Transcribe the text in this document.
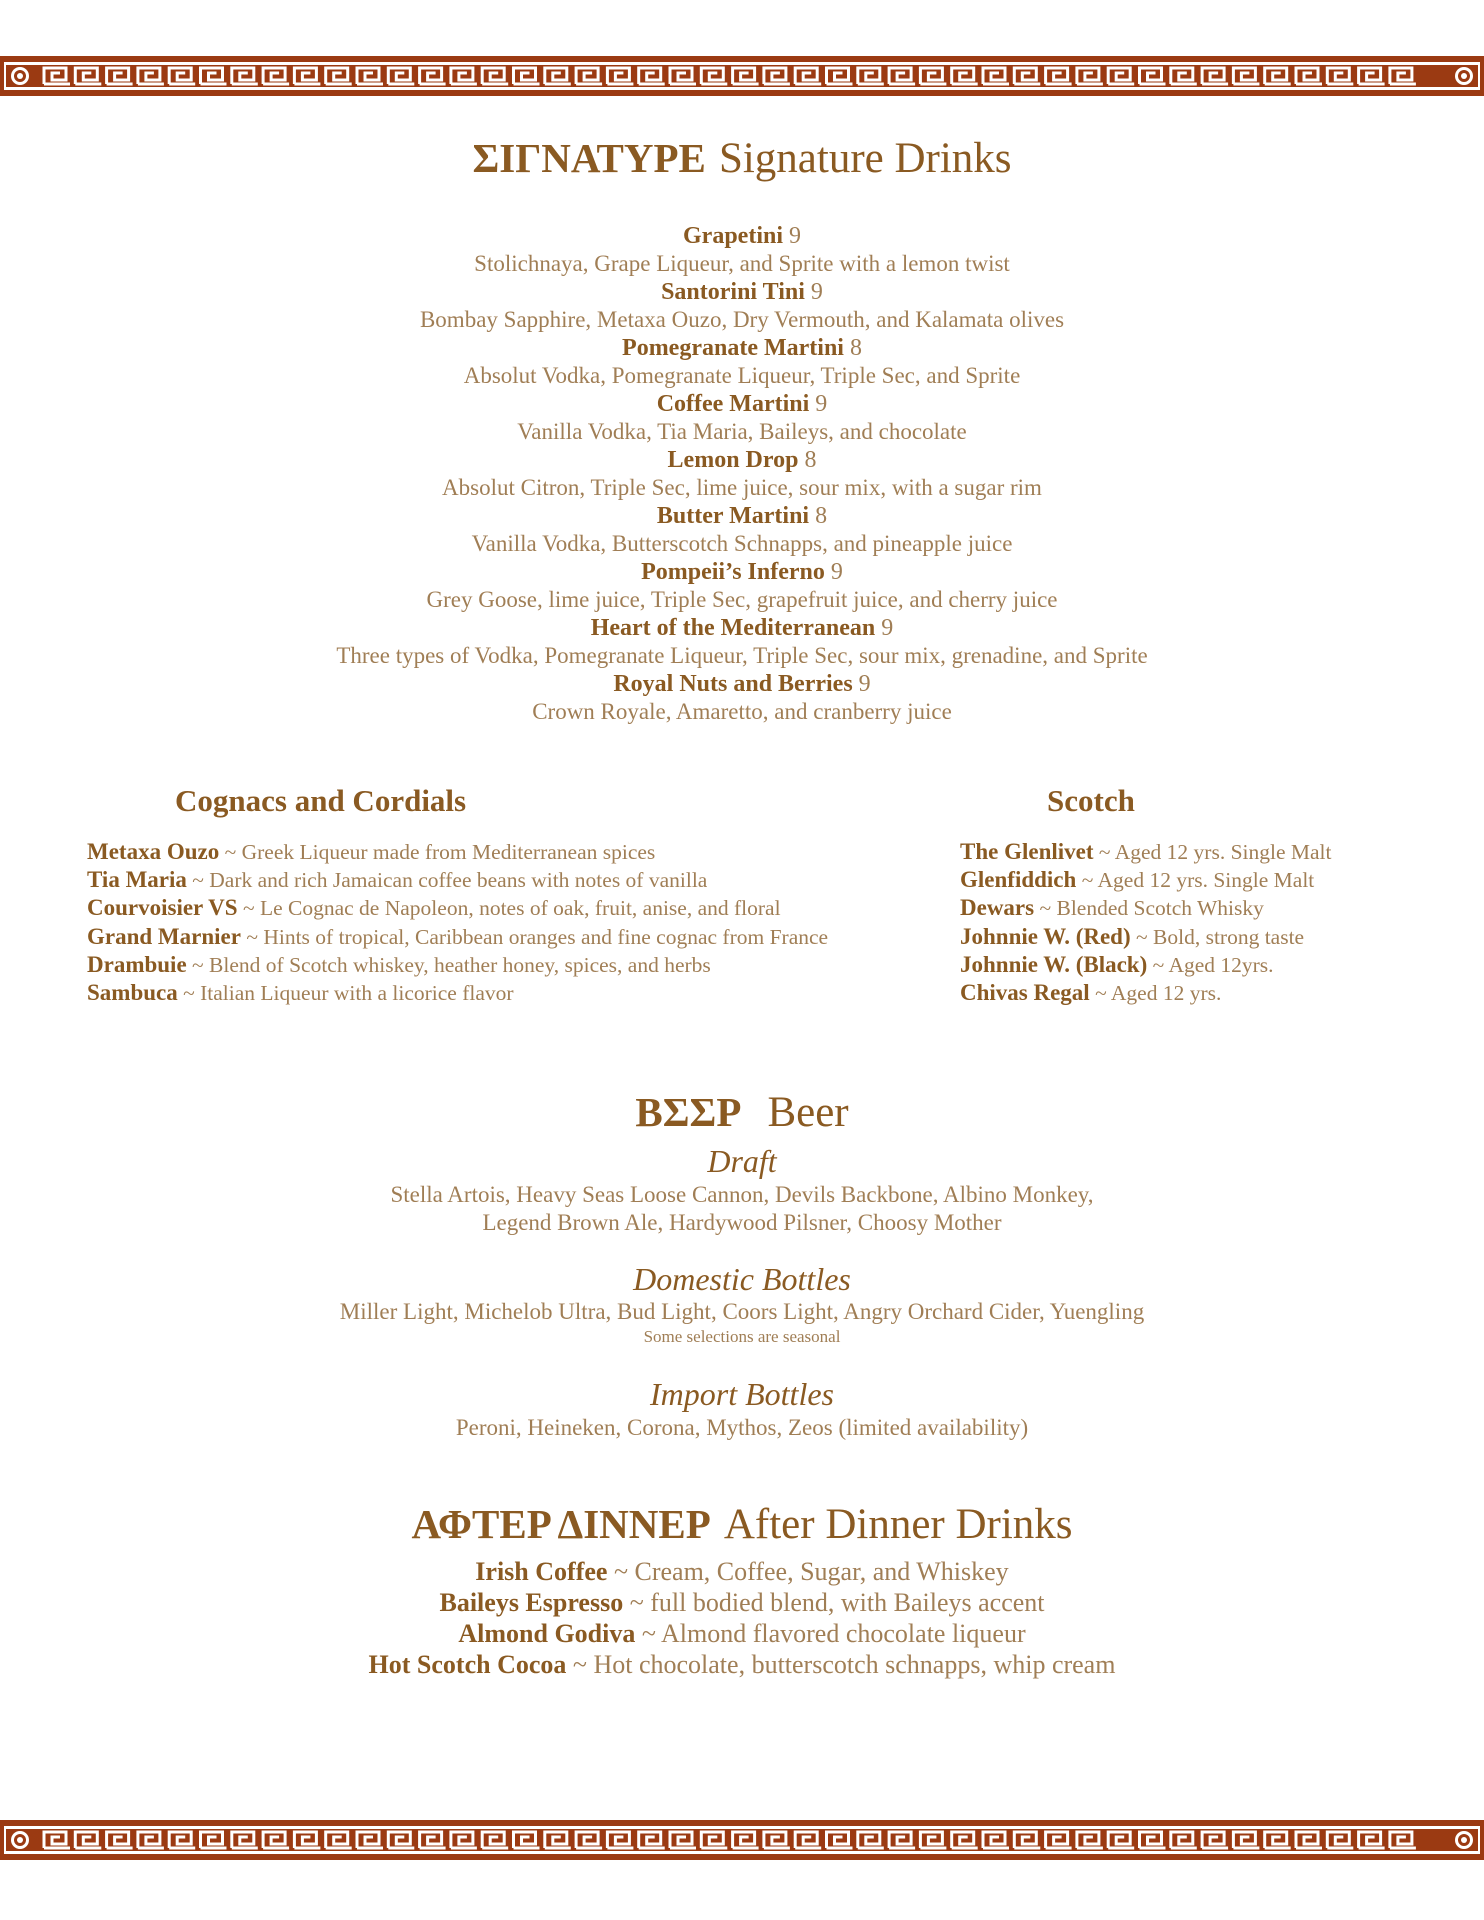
ΣΙΓΝΑΤΥΡΕ Signature Drinks
Grapetini 9
Stolichnaya, Grape Liqueur, and Sprite with a lemon twist
Santorini Tini 9
Bombay Sapphire, Metaxa Ouzo, Dry Vermouth, and Kalamata olives
Pomegranate Martini 8
Absolut Vodka, Pomegranate Liqueur, Triple Sec, and Sprite
Coffee Martini 9
Vanilla Vodka, Tia Maria, Baileys, and chocolate
Lemon Drop 8
Absolut Citron, Triple Sec, lime juice, sour mix, with a sugar rim
Butter Martini 8
Vanilla Vodka, Butterscotch Schnapps, and pineapple juice
Pompeii’s Inferno 9
Grey Goose, lime juice, Triple Sec, grapefruit juice, and cherry juice
Heart of the Mediterranean 9
Three types of Vodka, Pomegranate Liqueur, Triple Sec, sour mix, grenadine, and Sprite
Royal Nuts and Berries 9
Crown Royale, Amaretto, and cranberry juice
Cognacs and Cordials
Metaxa Ouzo ~ Greek Liqueur made from Mediterranean spices
Tia Maria ~ Dark and rich Jamaican coffee beans with notes of vanilla
Courvoisier VS ~ Le Cognac de Napoleon, notes of oak, fruit, anise, and floral
Grand Marnier ~ Hints of tropical, Caribbean oranges and fine cognac from France
Drambuie ~ Blend of Scotch whiskey, heather honey, spices, and herbs
Sambuca ~ Italian Liqueur with a licorice flavor
Scotch
The Glenlivet ~ Aged 12 yrs. Single Malt
Glenfiddich ~ Aged 12 yrs. Single Malt
Dewars ~ Blended Scotch Whisky
Johnnie W. (Red) ~ Bold, strong taste
Johnnie W. (Black) ~ Aged 12yrs.
Chivas Regal ~ Aged 12 yrs.
ΒΣΣΡ Beer
Draft
Stella Artois, Heavy Seas Loose Cannon, Devils Backbone, Albino Monkey,
Legend Brown Ale, Hardywood Pilsner, Choosy Mother
Domestic Bottles
Miller Light, Michelob Ultra, Bud Light, Coors Light, Angry Orchard Cider, Yuengling
Some selections are seasonal
Import Bottles
Peroni, Heineken, Corona, Mythos, Zeos (limited availability)
ΑΦΤΕΡ ΔΙΝΝΕΡ After Dinner Drinks
Irish Coffee ~ Cream, Coffee, Sugar, and Whiskey
Baileys Espresso ~ full bodied blend, with Baileys accent
Almond Godiva ~ Almond flavored chocolate liqueur
Hot Scotch Cocoa ~ Hot chocolate, butterscotch schnapps, whip cream
